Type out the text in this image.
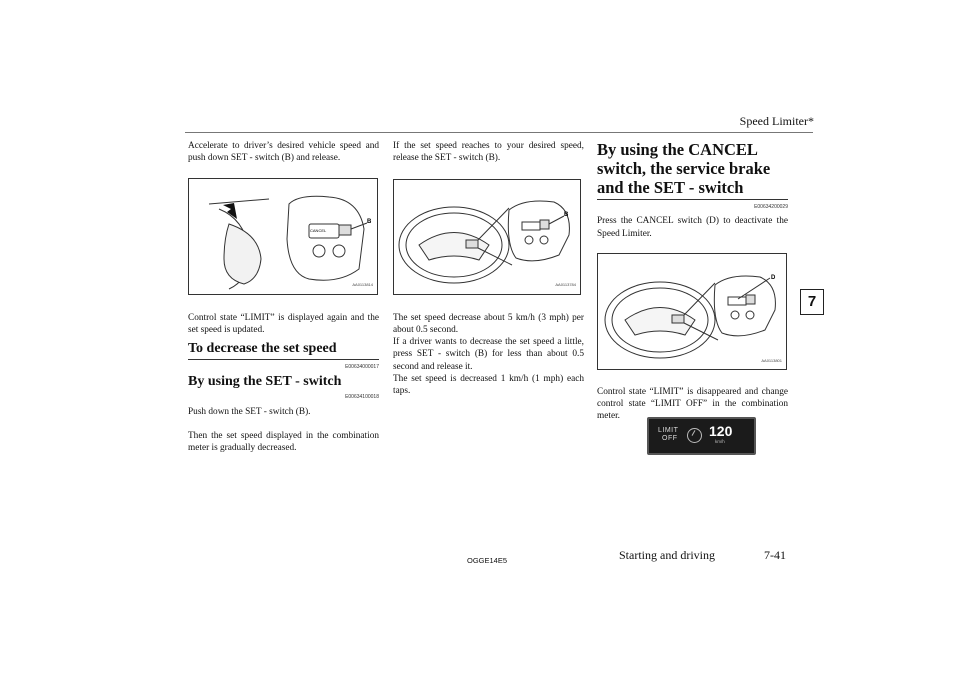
Speed Limiter*
7

Accelerate to driver’s desired vehicle speed and push down SET - switch (B) and release.

CANCEL
B
AA0113814

Control state “LIMIT” is displayed again and the set speed is updated.

To decrease the set speed
E00634000017
By using the SET - switch
E00634100018

Push down the SET - switch (B).

Then the set speed displayed in the combination meter is gradually decreased.

If the set speed reaches to your desired speed, release the SET - switch (B).

B
AA0113784

The set speed decrease about 5 km/h (3 mph) per about 0.5 second.

If a driver wants to decrease the set speed a little, press SET - switch (B) for less than about 0.5 second and release it.

The set speed is decreased 1 km/h (1 mph) each taps.

By using the CANCEL switch, the service brake and the SET - switch
E00634200029

Press the CANCEL switch (D) to deactivate the Speed Limiter.

D
AA0113801

Control state “LIMIT” is disappeared and change control state “LIMIT OFF” in the combination meter.

LIMIT
OFF 120
km/h
OGGE14E5	Starting and driving	7-41
